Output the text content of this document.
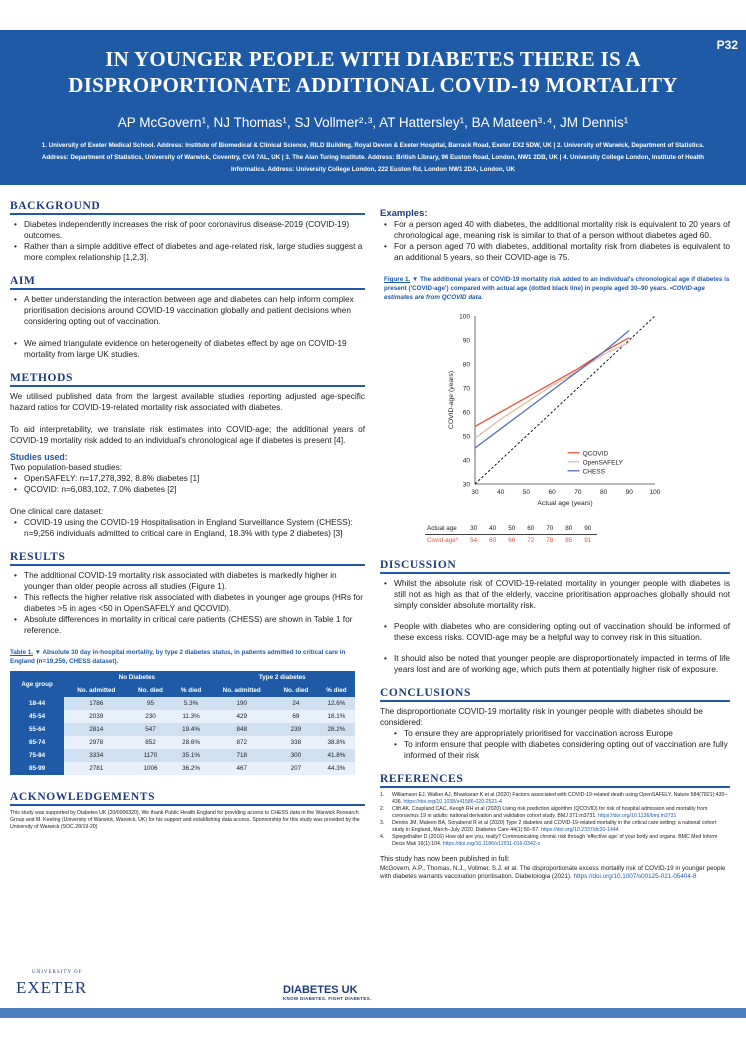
P32
IN YOUNGER PEOPLE WITH DIABETES THERE IS A
DISPROPORTIONATE ADDITIONAL COVID-19 MORTALITY
AP McGovern¹, NJ Thomas¹, SJ Vollmer²·³, AT Hattersley¹, BA Mateen³·⁴, JM Dennis¹
1. University of Exeter Medical School. Address: Institute of Biomedical & Clinical Science, RILD Building, Royal Devon & Exeter Hospital, Barrack Road, Exeter EX2 5DW, UK | 2. University of Warwick, Department of Statistics. Address: Department of Statistics, University of Warwick, Coventry, CV4 7AL, UK | 3. The Alan Turing Institute. Address: British Library, 96 Euston Road, London, NW1 2DB, UK | 4. University College London, Institute of Health Informatics. Address: University College London, 222 Euston Rd, London NW1 2DA, London, UK
BACKGROUND
• Diabetes independently increases the risk of poor coronavirus disease-2019 (COVID-19) outcomes.
• Rather than a simple additive effect of diabetes and age-related risk, large studies suggest a more complex relationship [1,2,3].
AIM
• A better understanding the interaction between age and diabetes can help inform complex prioritisation decisions around COVID-19 vaccination globally and patient decisions when considering opting out of vaccination.
• We aimed triangulate evidence on heterogeneity of diabetes effect by age on COVID-19 mortality from large UK studies.
METHODS

We utilised published data from the largest available studies reporting adjusted age-specific hazard ratios for COVID-19-related mortality risk associated with diabetes.

To aid interpretability, we translate risk estimates into COVID-age; the additional years of COVID-19 mortality risk added to an individual's chronological age if diabetes is present [4].

Studies used:
Two population-based studies:
• OpenSAFELY: n=17,278,392, 8.8% diabetes [1]
• QCOVID: n=6,083,102, 7.0% diabetes [2]
One clinical care dataset:
• COVID-19 using the COVID-19 Hospitalisation in England Surveillance System (CHESS): n=9,256 individuals admitted to critical care in England, 18.3% with type 2 diabetes) [3]
RESULTS
• The additional COVID-19 mortality risk associated with diabetes is markedly higher in younger than older people across all studies (Figure 1).
• This reflects the higher relative risk associated with diabetes in younger age groups (HRs for diabetes >5 in ages <50 in OpenSAFELY and QCOVID).
• Absolute differences in mortality in critical care patients (CHESS) are shown in Table 1 for reference.
Table 1. ▼ Absolute 30 day in-hospital mortality, by type 2 diabetes status, in patients admitted to critical care in England (n=19,256, CHESS dataset).
Age group	No Diabetes			Type 2 diabetes		
	No. admitted	No. died	% died	No. admitted	No. died	% died
18-44	1786	95	5.3%	190	24	12.6%
45-54	2039	230	11.3%	429	69	16.1%
55-64	2814	547	19.4%	848	239	28.2%
65-74	2978	852	28.6%	872	338	38.8%
75-84	3334	1170	35.1%	718	300	41.8%
85-99	2781	1006	36.2%	467	207	44.3%
ACKNOWLEDGEMENTS

This study was supported by Diabetes UK (20/0006320). We thank Public Health England for providing access to CHESS data in the Warwick Research Group and M. Keeling (University of Warwick, Warwick, UK) for his support and establishing data access. Sponsorship for this study was provided by the University of Warwick (SOC.28/19-20)

UNIVERSITY OF
EXETER	DIABETES UK
KNOW DIABETES. FIGHT DIABETES.
Examples:
• For a person aged 40 with diabetes, the additional mortality risk is equivalent to 20 years of chronological age, meaning risk is similar to that of a person without diabetes aged 60.
• For a person aged 70 with diabetes, additional mortality risk from diabetes is equivalent to an additional 5 years, so their COVID-age is 75.
Figure 1. ▼ The additional years of COVID-19 mortality risk added to an individual's chronological age if diabetes is present ('COVID-age') compared with actual age (dotted black line) in people aged 30–90 years. •COVID-age estimates are from QCOVID data.
30	40	50	60	70	80	90	100
30
40
50
60
70
80
90
100
Actual age (years)
COVID-age (years)
QCOVID
OpenSAFELY
CHESS
Actual age	30	40	50	60	70	80	90
Covid-age*	54	60	66	72	78	85	91
DISCUSSION
• Whilst the absolute risk of COVID-19-related mortality in younger people with diabetes is still not as high as that of the elderly, vaccine prioritisation approaches globally should not simply consider absolute mortality risk.
• People with diabetes who are considering opting out of vaccination should be informed of these excess risks. COVID-age may be a helpful way to convey risk in this situation.
• It should also be noted that younger people are disproportionately impacted in terms of life years lost and are of working age, which puts them at potentially higher risk of exposure.
CONCLUSIONS

The disproportionate COVID-19 mortality risk in younger people with diabetes should be considered:

• To ensure they are appropriately prioritised for vaccination across Europe
• To inform ensure that people with diabetes considering opting out of vaccination are fully informed of their risk
REFERENCES
1. Williamson EJ, Walker AJ, Bhaskaran K et al (2020) Factors associated with COVID-19-related death using OpenSAFELY. Nature 584(7821):430–436. https://doi.org/10.1038/s41586-020-2521-4
2. Clift AK, Coupland CAC, Keogh RH et al (2020) Living risk prediction algorithm (QCOVID) for risk of hospital admission and mortality from coronavirus 19 in adults: national derivation and validation cohort study. BMJ 371:m3731. https://doi.org/10.1136/bmj.m3731
3. Dennis JM, Mateen BA, Sonabend R et al (2020) Type 2 diabetes and COVID-19-related mortality in the critical care setting: a national cohort study in England, March–July 2020. Diabetes Care 44(1):50–57. https://doi.org/10.2337/dc20-1444
4. Spiegelhalter D (2016) How old are you, really? Communicating chronic risk through 'effective age' of your body and organs. BMC Med Inform Decis Mak 16(1):104. https://doi.org/10.1186/s12911-016-0342-z
This study has now been published in full:
McGovern, A.P., Thomas, N.J., Vollmer, S.J. et al. The disproportionate excess mortality risk of COVID-19 in younger people with diabetes warrants vaccination prioritisation. Diabetologia (2021). https://doi.org/10.1007/s00125-021-05404-8
